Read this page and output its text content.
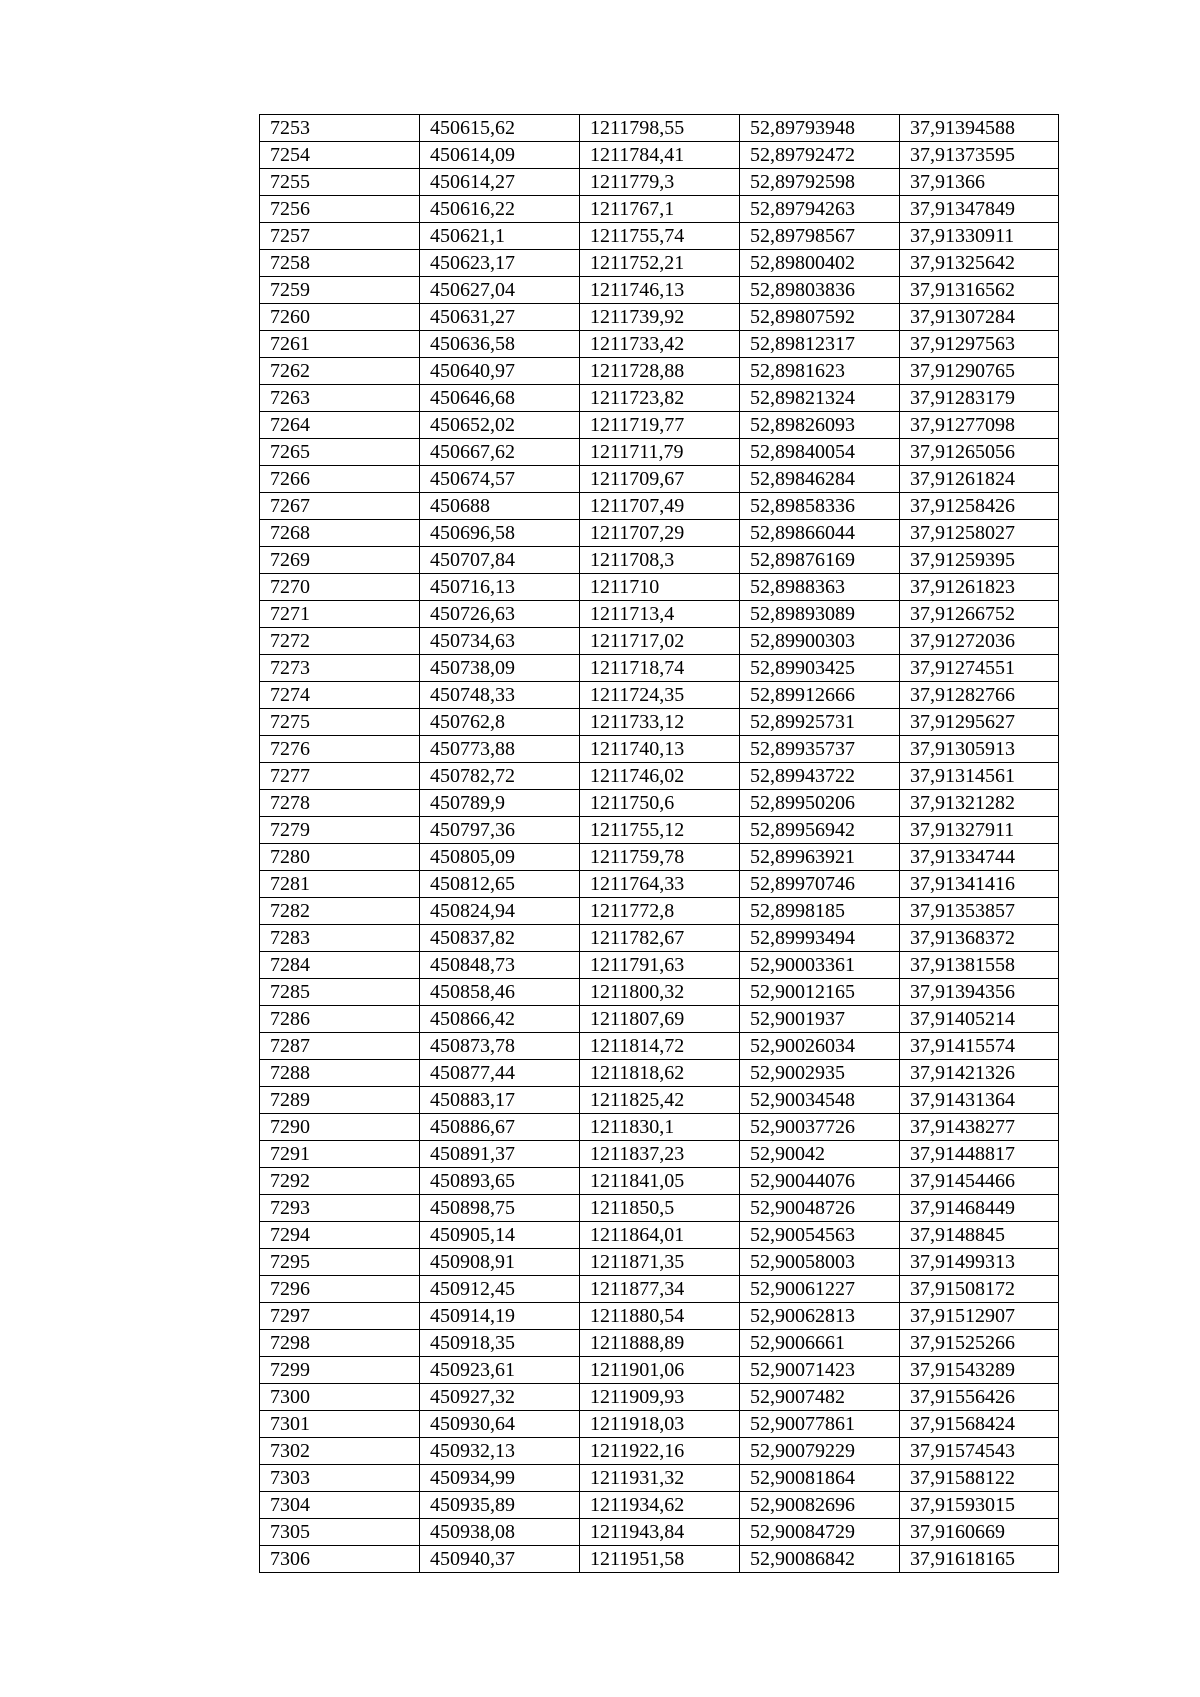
7253	450615,62	1211798,55	52,89793948	37,91394588
7254	450614,09	1211784,41	52,89792472	37,91373595
7255	450614,27	1211779,3	52,89792598	37,91366
7256	450616,22	1211767,1	52,89794263	37,91347849
7257	450621,1	1211755,74	52,89798567	37,91330911
7258	450623,17	1211752,21	52,89800402	37,91325642
7259	450627,04	1211746,13	52,89803836	37,91316562
7260	450631,27	1211739,92	52,89807592	37,91307284
7261	450636,58	1211733,42	52,89812317	37,91297563
7262	450640,97	1211728,88	52,8981623	37,91290765
7263	450646,68	1211723,82	52,89821324	37,91283179
7264	450652,02	1211719,77	52,89826093	37,91277098
7265	450667,62	1211711,79	52,89840054	37,91265056
7266	450674,57	1211709,67	52,89846284	37,91261824
7267	450688	1211707,49	52,89858336	37,91258426
7268	450696,58	1211707,29	52,89866044	37,91258027
7269	450707,84	1211708,3	52,89876169	37,91259395
7270	450716,13	1211710	52,8988363	37,91261823
7271	450726,63	1211713,4	52,89893089	37,91266752
7272	450734,63	1211717,02	52,89900303	37,91272036
7273	450738,09	1211718,74	52,89903425	37,91274551
7274	450748,33	1211724,35	52,89912666	37,91282766
7275	450762,8	1211733,12	52,89925731	37,91295627
7276	450773,88	1211740,13	52,89935737	37,91305913
7277	450782,72	1211746,02	52,89943722	37,91314561
7278	450789,9	1211750,6	52,89950206	37,91321282
7279	450797,36	1211755,12	52,89956942	37,91327911
7280	450805,09	1211759,78	52,89963921	37,91334744
7281	450812,65	1211764,33	52,89970746	37,91341416
7282	450824,94	1211772,8	52,8998185	37,91353857
7283	450837,82	1211782,67	52,89993494	37,91368372
7284	450848,73	1211791,63	52,90003361	37,91381558
7285	450858,46	1211800,32	52,90012165	37,91394356
7286	450866,42	1211807,69	52,9001937	37,91405214
7287	450873,78	1211814,72	52,90026034	37,91415574
7288	450877,44	1211818,62	52,9002935	37,91421326
7289	450883,17	1211825,42	52,90034548	37,91431364
7290	450886,67	1211830,1	52,90037726	37,91438277
7291	450891,37	1211837,23	52,90042	37,91448817
7292	450893,65	1211841,05	52,90044076	37,91454466
7293	450898,75	1211850,5	52,90048726	37,91468449
7294	450905,14	1211864,01	52,90054563	37,9148845
7295	450908,91	1211871,35	52,90058003	37,91499313
7296	450912,45	1211877,34	52,90061227	37,91508172
7297	450914,19	1211880,54	52,90062813	37,91512907
7298	450918,35	1211888,89	52,9006661	37,91525266
7299	450923,61	1211901,06	52,90071423	37,91543289
7300	450927,32	1211909,93	52,9007482	37,91556426
7301	450930,64	1211918,03	52,90077861	37,91568424
7302	450932,13	1211922,16	52,90079229	37,91574543
7303	450934,99	1211931,32	52,90081864	37,91588122
7304	450935,89	1211934,62	52,90082696	37,91593015
7305	450938,08	1211943,84	52,90084729	37,9160669
7306	450940,37	1211951,58	52,90086842	37,91618165
